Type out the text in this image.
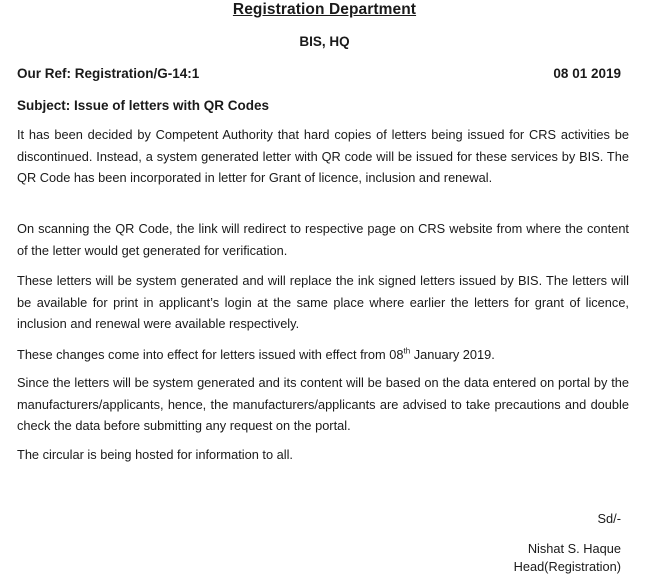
Registration Department
BIS, HQ
Our Ref: Registration/G-14:1	08 01 2019
Subject: Issue of letters with QR Codes

It has been decided by Competent Authority that hard copies of letters being issued for CRS activities be discontinued. Instead, a system generated letter with QR code will be issued for these services by BIS. The QR Code has been incorporated in letter for Grant of licence, inclusion and renewal.

On scanning the QR Code, the link will redirect to respective page on CRS website from where the content of the letter would get generated for verification.

These letters will be system generated and will replace the ink signed letters issued by BIS. The letters will be available for print in applicant’s login at the same place where earlier the letters for grant of licence, inclusion and renewal were available respectively.

These changes come into effect for letters issued with effect from 08th January 2019.

Since the letters will be system generated and its content will be based on the data entered on portal by the manufacturers/applicants, hence, the manufacturers/applicants are advised to take precautions and double check the data before submitting any request on the portal.

The circular is being hosted for information to all.

Sd/-
Nishat S. Haque
Head(Registration)
